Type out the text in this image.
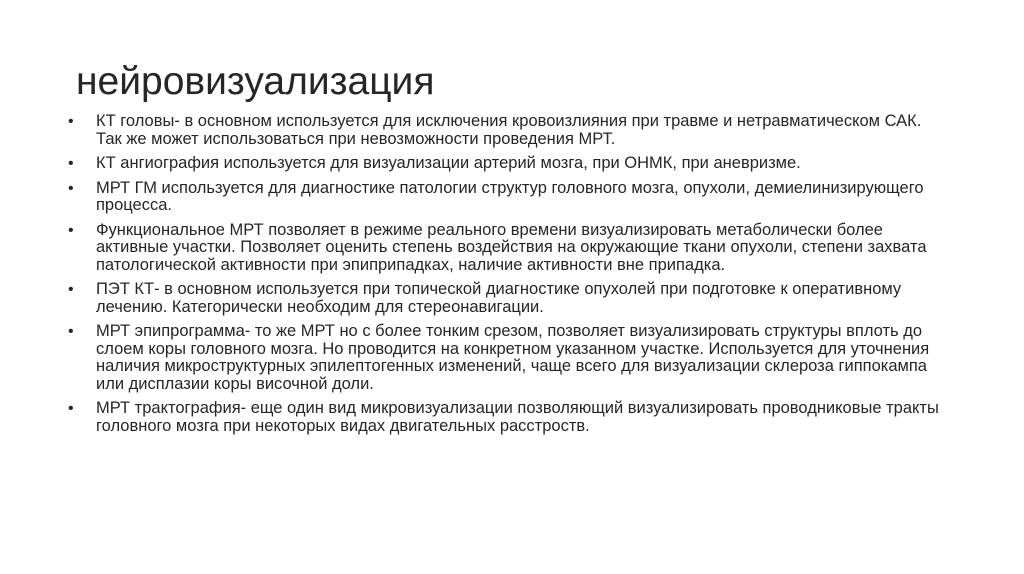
нейровизуализация
• КТ головы- в основном используется для исключения кровоизлияния при травме и нетравматическом САК. Так же может использоваться при невозможности проведения МРТ.
• КТ ангиография используется для визуализации артерий мозга, при ОНМК, при аневризме.
• МРТ ГМ используется для диагностике патологии структур головного мозга, опухоли, демиелинизирующего процесса.
• Функциональное МРТ позволяет в режиме реального времени визуализировать метаболически более активные участки. Позволяет оценить степень воздействия на окружающие ткани опухоли, степени захвата патологической активности при эпиприпадках, наличие активности вне припадка.
• ПЭТ КТ- в основном используется при топической диагностике опухолей при подготовке к оперативному лечению. Категорически необходим для стереонавигации.
• МРТ эпипрограмма- то же МРТ но с более тонким срезом, позволяет визуализировать структуры вплоть до слоем коры головного мозга. Но проводится на конкретном указанном участке. Используется для уточнения наличия микроструктурных эпилептогенных изменений, чаще всего для визуализации склероза гиппокампа или дисплазии коры височной доли.
• МРТ трактография- еще один вид микровизуализации позволяющий визуализировать проводниковые тракты головного мозга при некоторых видах двигательных расстроств.
